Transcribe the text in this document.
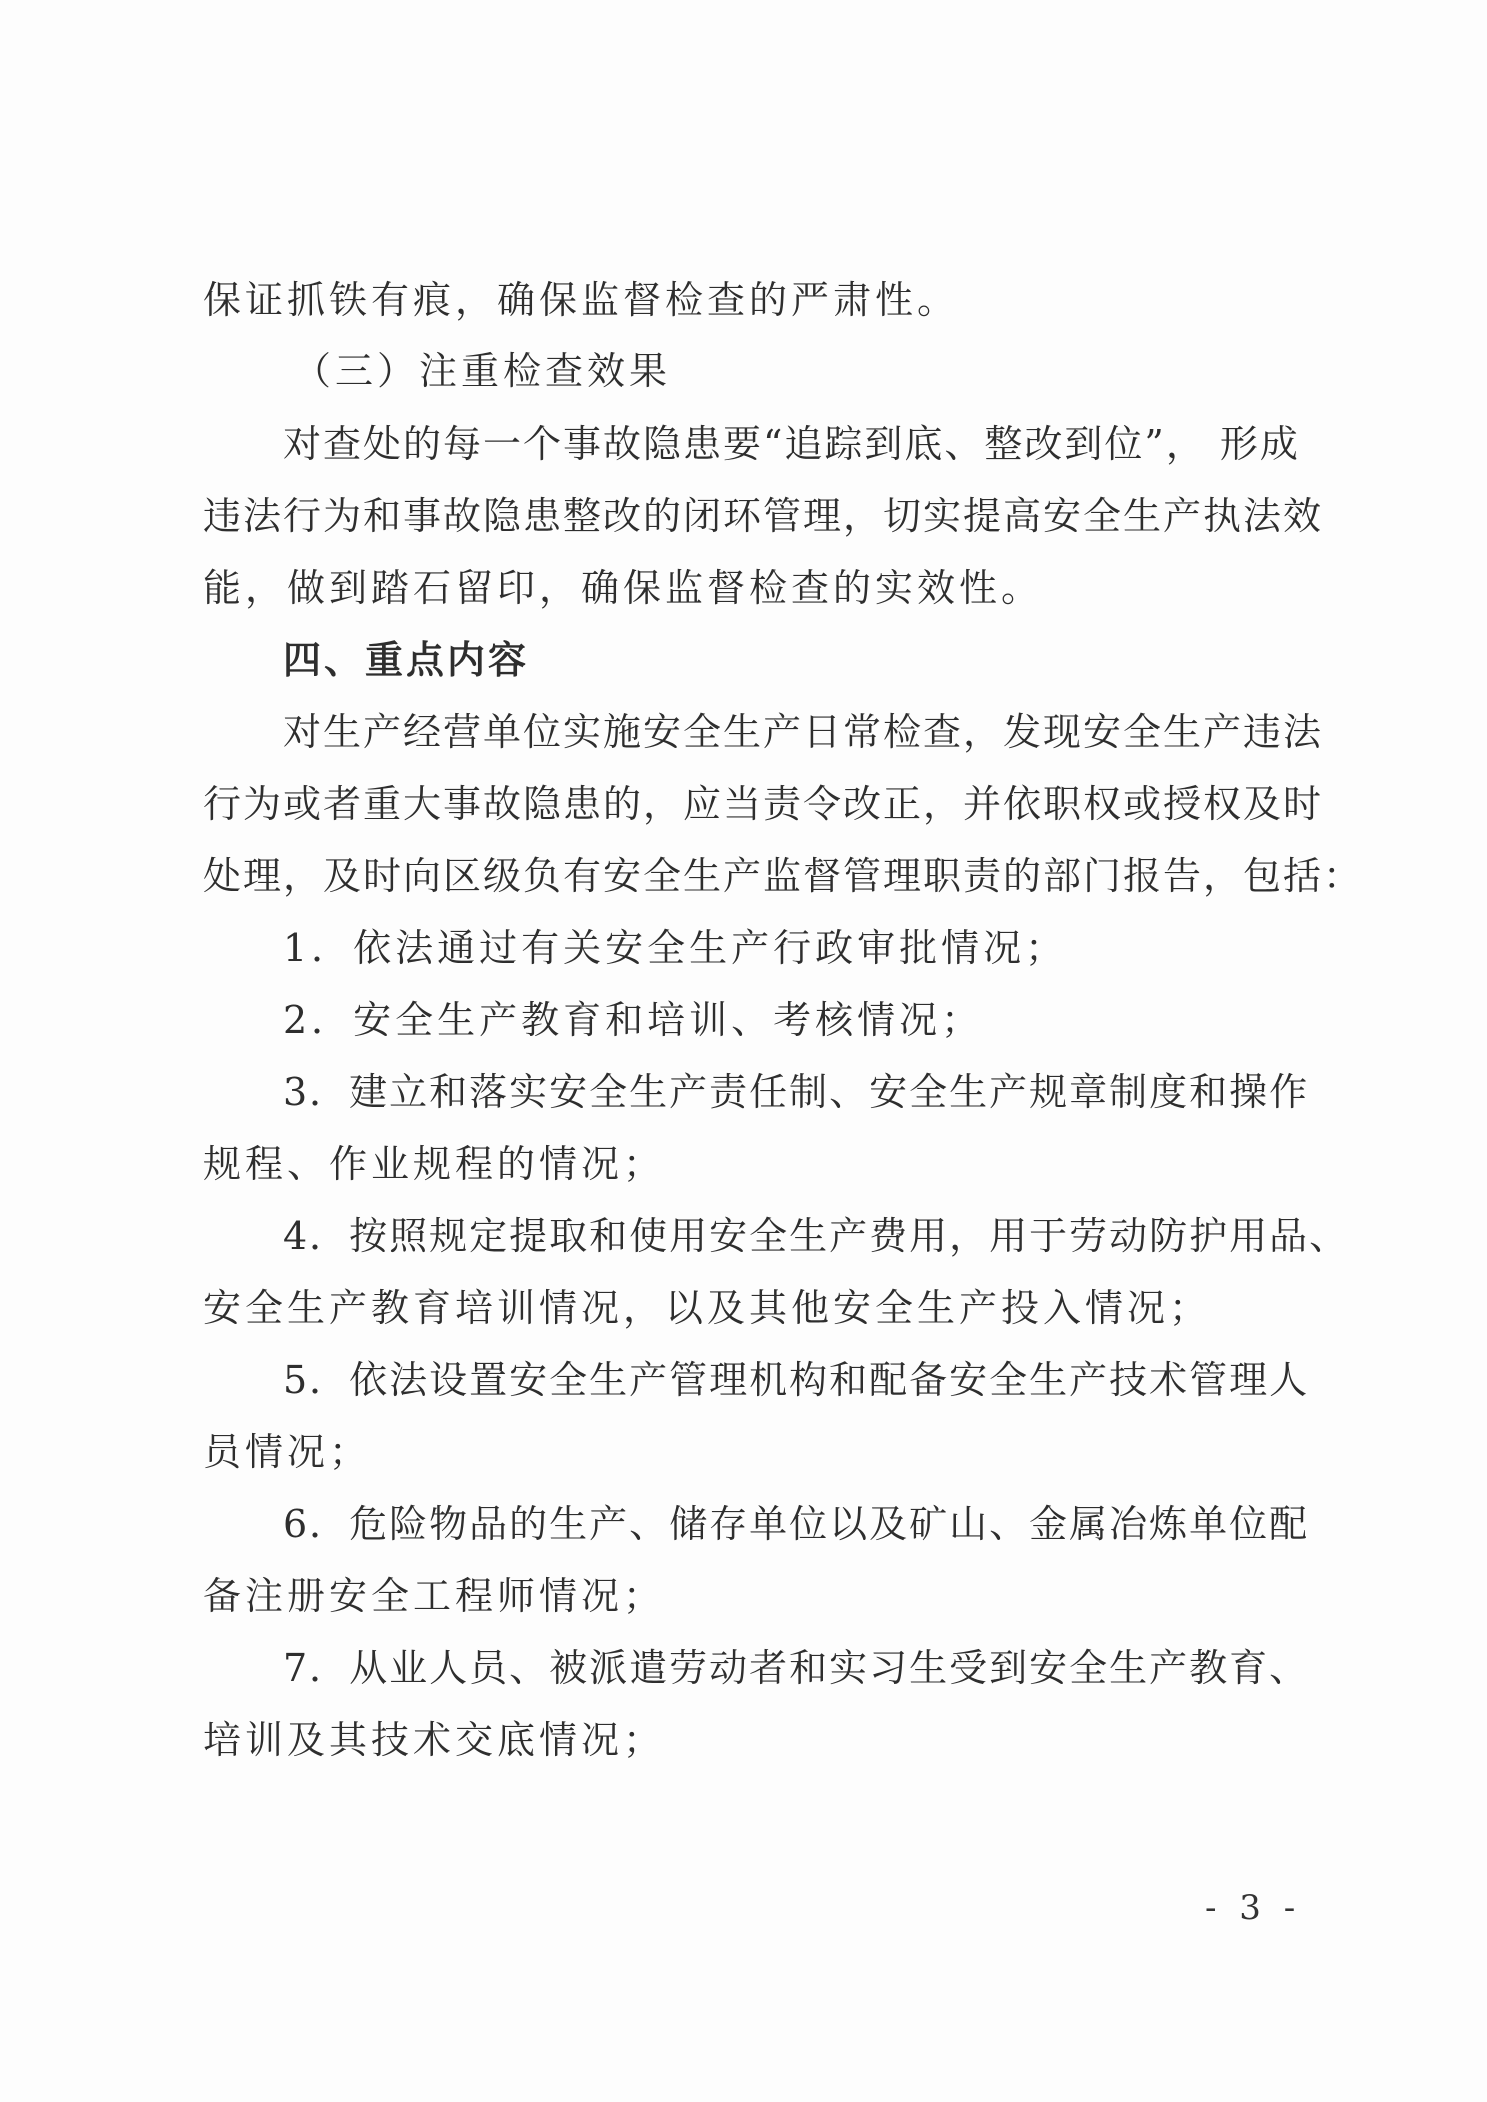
保证抓铁有痕，确保监督检查的严肃性。
（三）注重检查效果
对查处的每一个事故隐患要“追踪到底、整改到位”， 形成
违法行为和事故隐患整改的闭环管理，切实提高安全生产执法效
能，做到踏石留印，确保监督检查的实效性。
四、重点内容
对生产经营单位实施安全生产日常检查，发现安全生产违法
行为或者重大事故隐患的，应当责令改正，并依职权或授权及时
处理，及时向区级负有安全生产监督管理职责的部门报告，包括：
1．依法通过有关安全生产行政审批情况；
2．安全生产教育和培训、考核情况；
3．建立和落实安全生产责任制、安全生产规章制度和操作
规程、作业规程的情况；
4．按照规定提取和使用安全生产费用，用于劳动防护用品、
安全生产教育培训情况，以及其他安全生产投入情况；
5．依法设置安全生产管理机构和配备安全生产技术管理人
员情况；
6．危险物品的生产、储存单位以及矿山、金属冶炼单位配
备注册安全工程师情况；
7．从业人员、被派遣劳动者和实习生受到安全生产教育、
培训及其技术交底情况；
- 3 -
